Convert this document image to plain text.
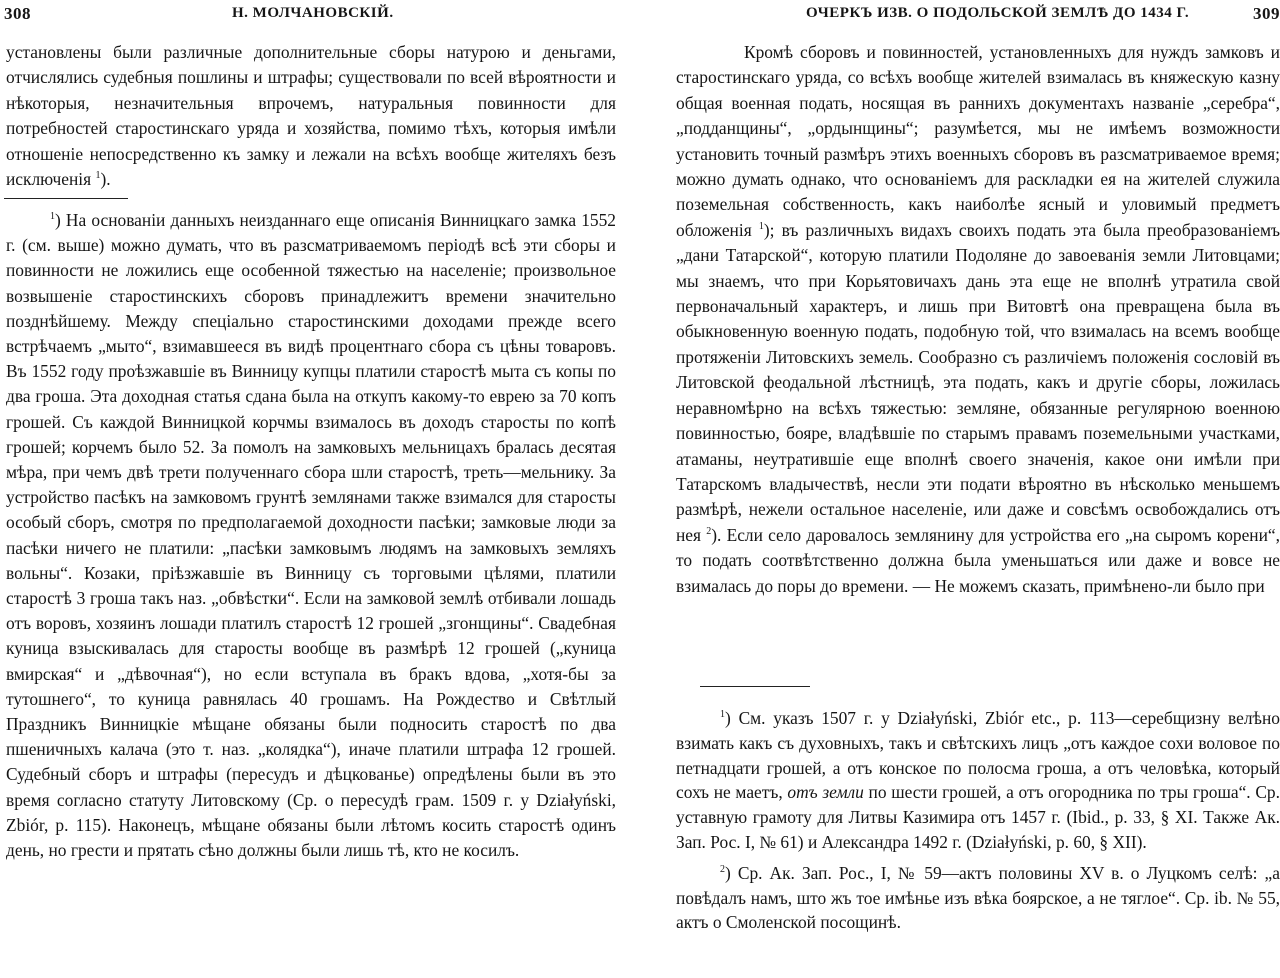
308	Н. МОЛЧАНОВСКІЙ.

установлены были различные дополнительные сборы натурою и деньгами, отчислялись судебныя пошлины и штрафы; существовали по всей вѣроятности и нѣкоторыя, незначительныя впрочемъ, натуральныя повинности для потребностей старостинскаго уряда и хозяйства, помимо тѣхъ, которыя имѣли отношеніе непосредственно къ замку и лежали на всѣхъ вообще жителяхъ безъ исключенія $^1$).

$^1$) На основаніи данныхъ неизданнаго еще описанія Винницкаго замка 1552 г. (см. выше) можно думать, что въ разсматриваемомъ періодѣ всѣ эти сборы и повинности не ложились еще особенной тяжестью на населеніе; произвольное возвышеніе старостинскихъ сборовъ принадлежитъ времени значительно позднѣйшему. Между спеціально старостинскими доходами прежде всего встрѣчаемъ „мыто“, взимавшееся въ видѣ процентнаго сбора съ цѣны товаровъ. Въ 1552 году проѣзжавшіе въ Винницу купцы платили старостѣ мыта съ копы по два гроша. Эта доходная статья сдана была на откупъ какому-то еврею за 70 копъ грошей. Съ каждой Винницкой корчмы взималось въ доходъ старосты по копѣ грошей; корчемъ было 52. За помолъ на замковыхъ мельницахъ бралась десятая мѣра, при чемъ двѣ трети полученнаго сбора шли старостѣ, треть—мельнику. За устройство пасѣкъ на замковомъ грунтѣ землянами также взимался для старосты особый сборъ, смотря по предполагаемой доходности пасѣки; замковые люди за пасѣки ничего не платили: „пасѣки замковымъ людямъ на замковыхъ земляхъ вольны“. Козаки, пріѣзжавшіе въ Винницу съ торговыми цѣлями, платили старостѣ 3 гроша такъ наз. „обвѣстки“. Если на замковой землѣ отбивали лошадь отъ воровъ, хозяинъ лошади платилъ старостѣ 12 грошей „згонщины“. Свадебная куница взыскивалась для старосты вообще въ размѣрѣ 12 грошей („куница вмирская“ и „дѣвочная“), но если вступала въ бракъ вдова, „хотя-бы за тутошнего“, то куница равнялась 40 грошамъ. На Рождество и Свѣтлый Праздникъ Винницкіе мѣщане обязаны были подносить старостѣ по два пшеничныхъ калача (это т. наз. „колядка“), иначе платили штрафа 12 грошей. Судебный сборъ и штрафы (пересудъ и дѣцкованье) опредѣлены были въ это время согласно статуту Литовскому (Ср. о пересудѣ грам. 1509 г. у Działyński, Zbiór, p. 115). Наконецъ, мѣщане обязаны были лѣтомъ косить старостѣ одинъ день, но грести и прятать сѣно должны были лишь тѣ, кто не косилъ.

ОЧЕРКЪ ИЗВ. О ПОДОЛЬСКОЙ ЗЕМЛѢ ДО 1434 Г.	309

Кромѣ сборовъ и повинностей, установленныхъ для нуждъ замковъ и старостинскаго уряда, со всѣхъ вообще жителей взималась въ княжескую казну общая военная подать, носящая въ раннихъ документахъ названіе „серебра“, „подданщины“, „ордынщины“; разумѣется, мы не имѣемъ возможности установить точный размѣръ этихъ военныхъ сборовъ въ разсматриваемое время; можно думать однако, что основаніемъ для раскладки ея на жителей служила поземельная собственность, какъ наиболѣе ясный и уловимый предметъ обложенія $^1$); въ различныхъ видахъ своихъ подать эта была преобразованіемъ „дани Татарской“, которую платили Подоляне до завоеванія земли Литовцами; мы знаемъ, что при Корьятовичахъ дань эта еще не вполнѣ утратила свой первоначальный характеръ, и лишь при Витовтѣ она превращена была въ обыкновенную военную подать, подобную той, что взималась на всемъ вообще протяженіи Литовскихъ земель. Сообразно съ различіемъ положенія сословій въ Литовской феодальной лѣстницѣ, эта подать, какъ и другіе сборы, ложилась неравномѣрно на всѣхъ тяжестью: земляне, обязанные регулярною военною повинностью, бояре, владѣвшіе по старымъ правамъ поземельными участками, атаманы, неутратившіе еще вполнѣ своего значенія, какое они имѣли при Татарскомъ владычествѣ, несли эти подати вѣроятно въ нѣсколько меньшемъ размѣрѣ, нежели остальное населеніе, или даже и совсѣмъ освобождались отъ нея $^2$). Если село даровалось землянину для устройства его „на сыромъ корени“, то подать соотвѣтственно должна была уменьшаться или даже и вовсе не взималась до поры до времени. — Не можемъ сказать, примѣнено-ли было при

$^1$) См. указъ 1507 г. у Działyński, Zbiór etc., p. 113—серебщизну велѣно взимать какъ съ духовныхъ, такъ и свѣтскихъ лицъ „отъ каждое сохи воловое по петнадцати грошей, а отъ конское по полосма гроша, а отъ человѣка, который сохъ не маетъ, отъ земли по шести грошей, а отъ огородника по тры гроша“. Ср. уставную грамоту для Литвы Казимира отъ 1457 г. (Ibid., p. 33, § XI. Также Ак. Зап. Рос. I, № 61) и Александра 1492 г. (Działyński, p. 60, § XII).

$^2$) Ср. Ак. Зап. Рос., I, № 59—актъ половины XV в. о Луцкомъ селѣ: „а повѣдалъ намъ, што жъ тое имѣнье изъ вѣка боярское, а не тяглое“. Ср. ib. № 55, актъ о Смоленской посощинѣ.
